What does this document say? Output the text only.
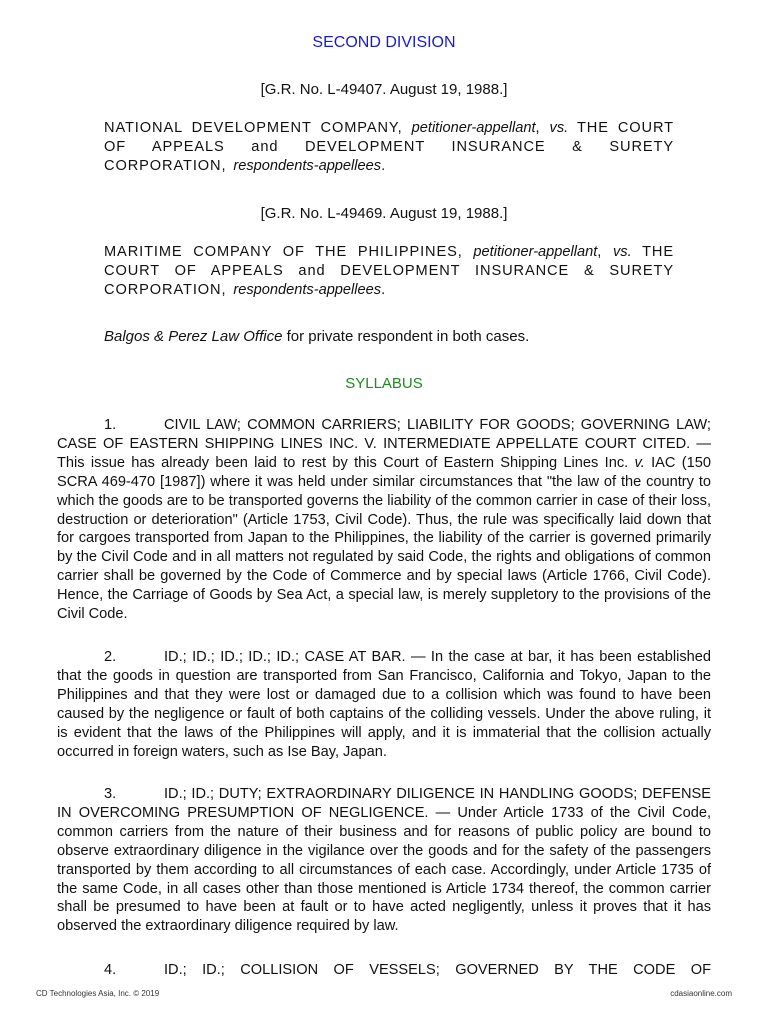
SECOND DIVISION
[G.R. No. L-49407. August 19, 1988.]
NATIONAL DEVELOPMENT COMPANY, petitioner-appellant, vs. THE COURT OF APPEALS and DEVELOPMENT INSURANCE & SURETY CORPORATION, respondents-appellees.
[G.R. No. L-49469. August 19, 1988.]
MARITIME COMPANY OF THE PHILIPPINES, petitioner-appellant, vs. THE COURT OF APPEALS and DEVELOPMENT INSURANCE & SURETY CORPORATION, respondents-appellees.
Balgos & Perez Law Office for private respondent in both cases.
SYLLABUS
1.	CIVIL LAW; COMMON CARRIERS; LIABILITY FOR GOODS; GOVERNING LAW; CASE OF EASTERN SHIPPING LINES INC. V. INTERMEDIATE APPELLATE COURT CITED. — This issue has already been laid to rest by this Court of Eastern Shipping Lines Inc. v. IAC (150 SCRA 469-470 [1987]) where it was held under similar circumstances that "the law of the country to which the goods are to be transported governs the liability of the common carrier in case of their loss, destruction or deterioration" (Article 1753, Civil Code). Thus, the rule was specifically laid down that for cargoes transported from Japan to the Philippines, the liability of the carrier is governed primarily by the Civil Code and in all matters not regulated by said Code, the rights and obligations of common carrier shall be governed by the Code of Commerce and by special laws (Article 1766, Civil Code). Hence, the Carriage of Goods by Sea Act, a special law, is merely suppletory to the provisions of the Civil Code.
2.	ID.; ID.; ID.; ID.; ID.; CASE AT BAR. — In the case at bar, it has been established that the goods in question are transported from San Francisco, California and Tokyo, Japan to the Philippines and that they were lost or damaged due to a collision which was found to have been caused by the negligence or fault of both captains of the colliding vessels. Under the above ruling, it is evident that the laws of the Philippines will apply, and it is immaterial that the collision actually occurred in foreign waters, such as Ise Bay, Japan.
3.	ID.; ID.; DUTY; EXTRAORDINARY DILIGENCE IN HANDLING GOODS; DEFENSE IN OVERCOMING PRESUMPTION OF NEGLIGENCE. — Under Article 1733 of the Civil Code, common carriers from the nature of their business and for reasons of public policy are bound to observe extraordinary diligence in the vigilance over the goods and for the safety of the passengers transported by them according to all circumstances of each case. Accordingly, under Article 1735 of the same Code, in all cases other than those mentioned is Article 1734 thereof, the common carrier shall be presumed to have been at fault or to have acted negligently, unless it proves that it has observed the extraordinary diligence required by law.
4.	ID.; ID.; COLLISION OF VESSELS; GOVERNED BY THE CODE OF
CD Technologies Asia, Inc. © 2019	cdasiaonline.com
